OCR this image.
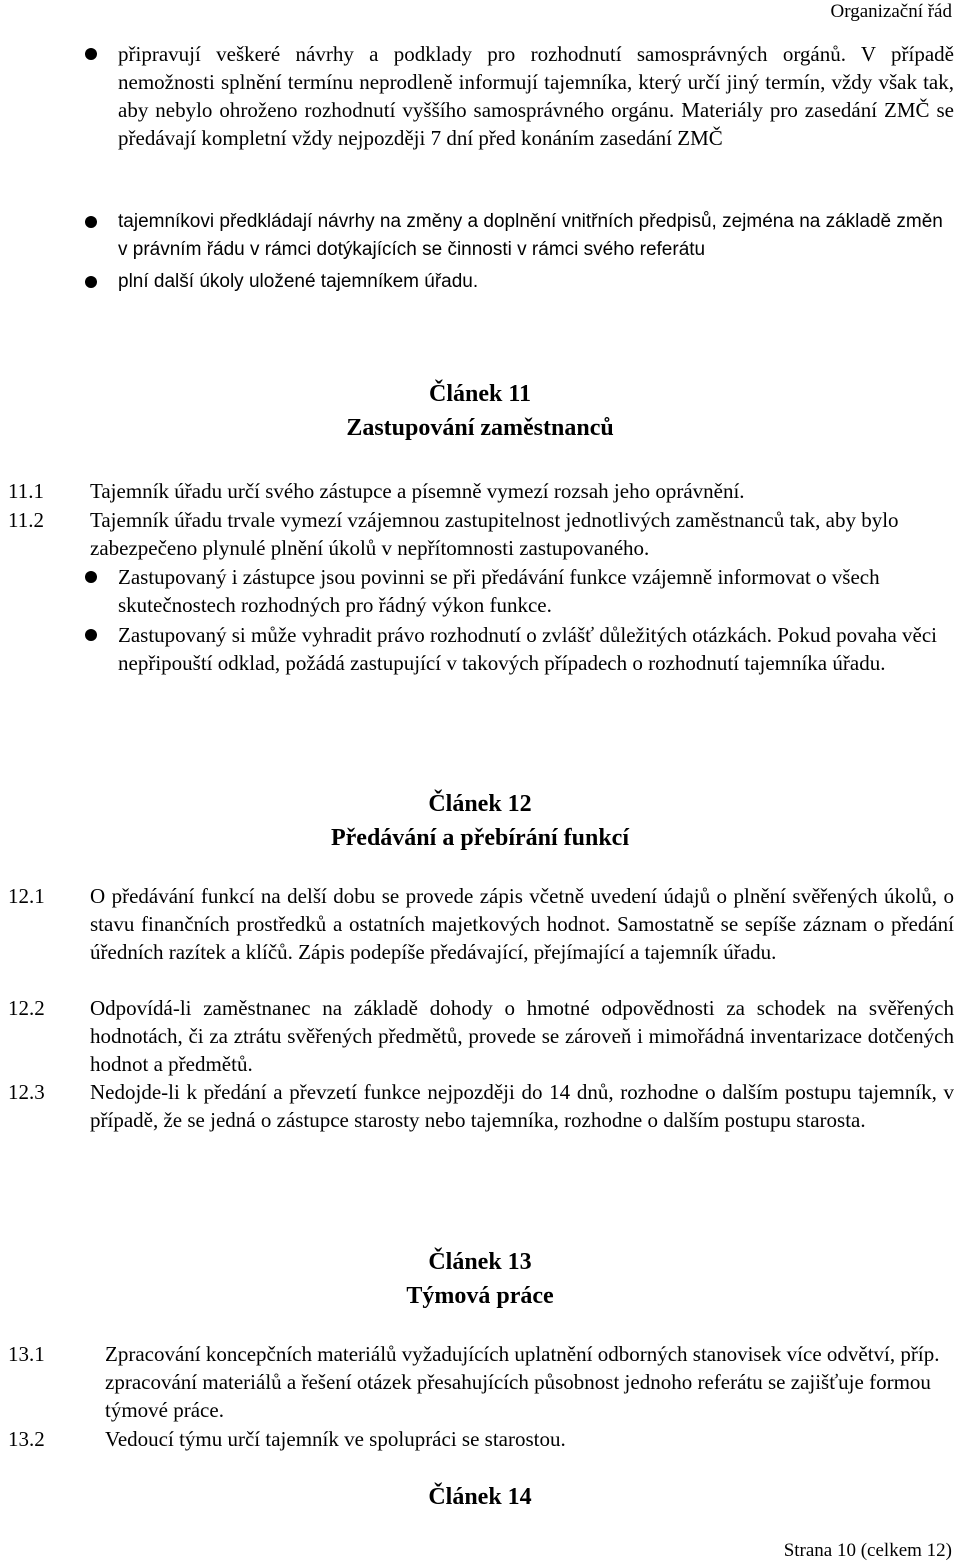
Organizační řád
připravují veškeré návrhy a podklady pro rozhodnutí samosprávných orgánů. V případě nemožnosti splnění termínu neprodleně informují tajemníka, který určí jiný termín, vždy však tak, aby nebylo ohroženo rozhodnutí vyššího samosprávného orgánu. Materiály pro zasedání ZMČ se předávají kompletní vždy nejpozději 7 dní před konáním zasedání ZMČ
tajemníkovi předkládají návrhy na změny a doplnění vnitřních předpisů, zejména na základě změn v právním řádu v rámci dotýkajících se činnosti v rámci svého referátu
plní další úkoly uložené tajemníkem úřadu.
Článek 11
Zastupování zaměstnanců
11.1 Tajemník úřadu určí svého zástupce a písemně vymezí rozsah jeho oprávnění.
11.2 Tajemník úřadu trvale vymezí vzájemnou zastupitelnost jednotlivých zaměstnanců tak, aby bylo zabezpečeno plynulé plnění úkolů v nepřítomnosti zastupovaného.
Zastupovaný i zástupce jsou povinni se při předávání funkce vzájemně informovat o všech skutečnostech rozhodných pro řádný výkon funkce.
Zastupovaný si může vyhradit právo rozhodnutí o zvlášť důležitých otázkách. Pokud povaha věci nepřipouští odklad, požádá zastupující v takových případech o rozhodnutí tajemníka úřadu.
Článek 12
Předávání a přebírání funkcí
12.1 O předávání funkcí na delší dobu se provede zápis včetně uvedení údajů o plnění svěřených úkolů, o stavu finančních prostředků a ostatních majetkových hodnot. Samostatně se sepíše záznam o předání úředních razítek a klíčů. Zápis podepíše předávající, přejímající a tajemník úřadu.
12.2 Odpovídá-li zaměstnanec na základě dohody o hmotné odpovědnosti za schodek na svěřených hodnotách, či za ztrátu svěřených předmětů, provede se zároveň i mimořádná inventarizace dotčených hodnot a předmětů.
12.3 Nedojde-li k předání a převzetí funkce nejpozději do 14 dnů, rozhodne o dalším postupu tajemník, v případě, že se jedná o zástupce starosty nebo tajemníka, rozhodne o dalším postupu starosta.
Článek 13
Týmová práce
13.1	Zpracování koncepčních materiálů vyžadujících uplatnění odborných stanovisek více odvětví, příp. zpracování materiálů a řešení otázek přesahujících působnost jednoho referátu se zajišťuje formou týmové práce.
13.2	Vedoucí týmu určí tajemník ve spolupráci se starostou.
Článek 14
Strana 10 (celkem 12)
